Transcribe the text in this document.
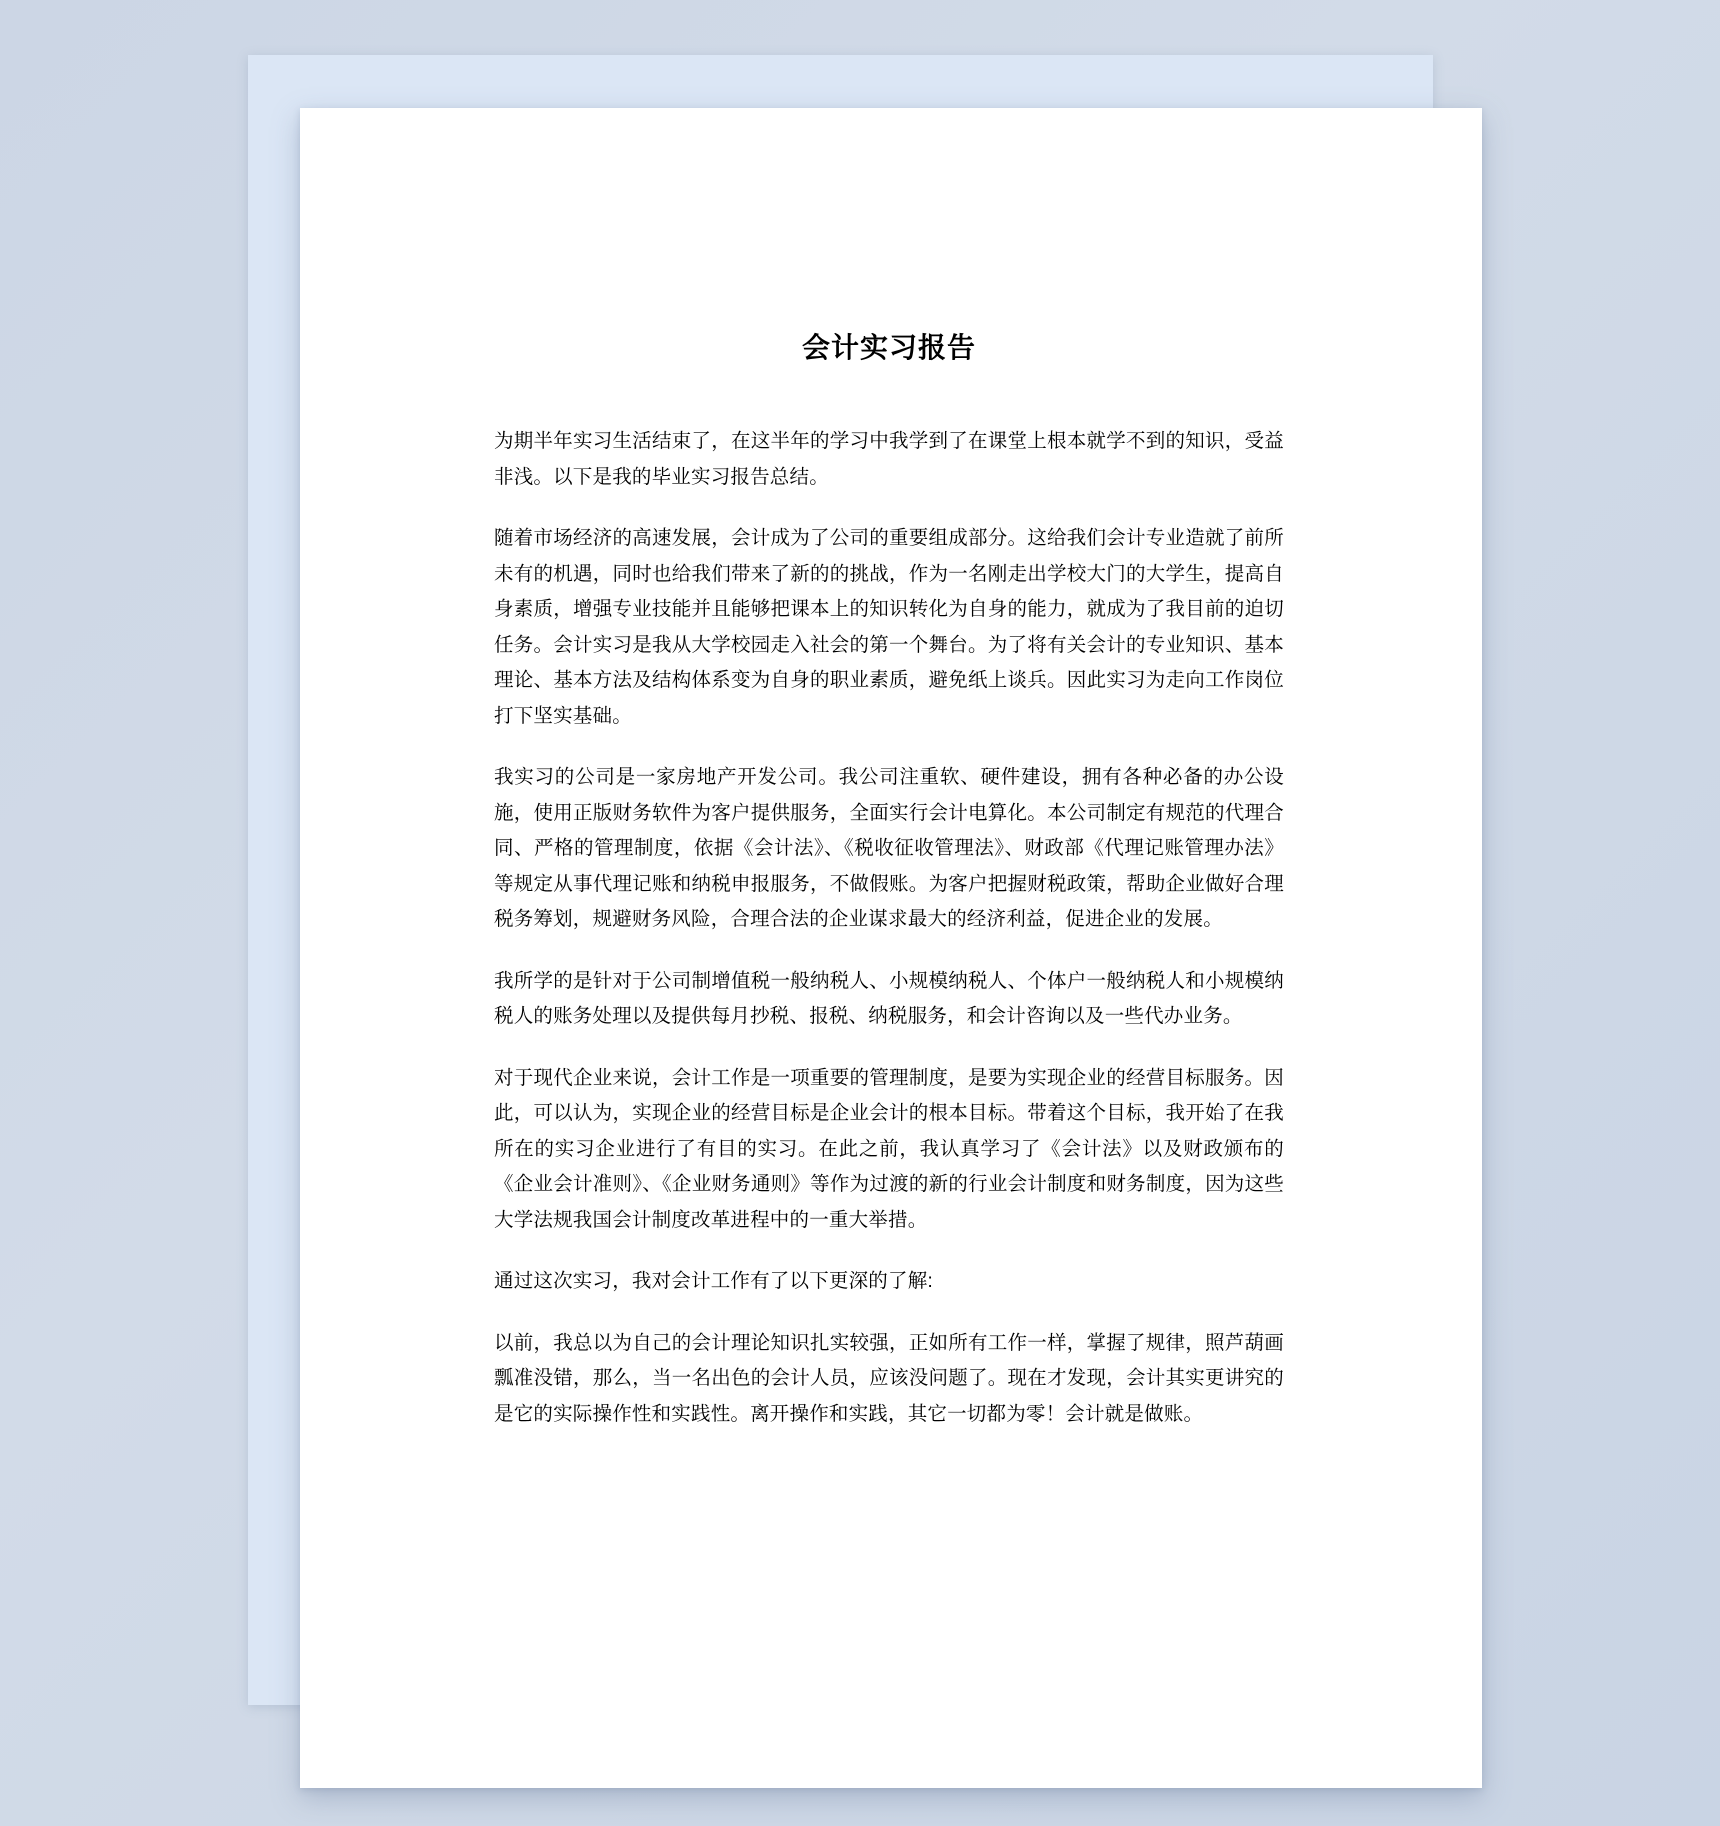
会计实习报告

为期半年实习生活结束了，在这半年的学习中我学到了在课堂上根本就学不到的知识，受益非浅。以下是我的毕业实习报告总结。

随着市场经济的高速发展，会计成为了公司的重要组成部分。这给我们会计专业造就了前所未有的机遇，同时也给我们带来了新的的挑战，作为一名刚走出学校大门的大学生，提高自身素质，增强专业技能并且能够把课本上的知识转化为自身的能力，就成为了我目前的迫切任务。会计实习是我从大学校园走入社会的第一个舞台。为了将有关会计的专业知识、基本理论、基本方法及结构体系变为自身的职业素质，避免纸上谈兵。因此实习为走向工作岗位打下坚实基础。

我实习的公司是一家房地产开发公司。我公司注重软、硬件建设，拥有各种必备的办公设施，使用正版财务软件为客户提供服务，全面实行会计电算化。本公司制定有规范的代理合同、严格的管理制度，依据《会计法》、《税收征收管理法》、财政部《代理记账管理办法》等规定从事代理记账和纳税申报服务，不做假账。为客户把握财税政策，帮助企业做好合理税务筹划，规避财务风险，合理合法的企业谋求最大的经济利益，促进企业的发展。

我所学的是针对于公司制增值税一般纳税人、小规模纳税人、个体户一般纳税人和小规模纳税人的账务处理以及提供每月抄税、报税、纳税服务，和会计咨询以及一些代办业务。

对于现代企业来说，会计工作是一项重要的管理制度，是要为实现企业的经营目标服务。因此，可以认为，实现企业的经营目标是企业会计的根本目标。带着这个目标，我开始了在我所在的实习企业进行了有目的实习。在此之前，我认真学习了《会计法》以及财政颁布的《企业会计准则》、《企业财务通则》等作为过渡的新的行业会计制度和财务制度，因为这些大学法规我国会计制度改革进程中的一重大举措。

通过这次实习，我对会计工作有了以下更深的了解:

以前，我总以为自己的会计理论知识扎实较强，正如所有工作一样，掌握了规律，照芦葫画瓢准没错，那么，当一名出色的会计人员，应该没问题了。现在才发现，会计其实更讲究的是它的实际操作性和实践性。离开操作和实践，其它一切都为零！会计就是做账。
